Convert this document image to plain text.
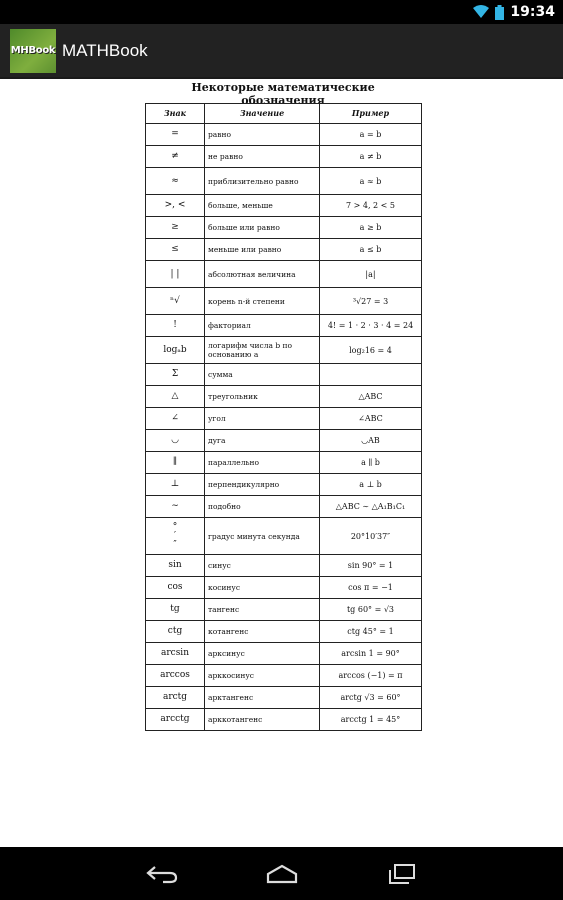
19:34
MHBook MATHBook
Некоторые математические обозначения
Знак	Значение	Пример
=	равно	a = b
≠	не равно	a ≠ b
≈	приблизительно равно	a ≈ b
>, <	больше, меньше	7 > 4, 2 < 5
≥	больше или равно	a ≥ b
≤	меньше или равно	a ≤ b
| |	абсолютная величина	|a|
ⁿ√	корень n-й степени	³√27 = 3
!	факториал	4! = 1 · 2 · 3 · 4 = 24
logₐb	логарифм числа b по основанию a	log₂16 = 4
Σ	сумма	
△	треугольник	△ABC
∠	угол	∠ABC
◡	дуга	◡AB
∥	параллельно	a ∥ b
⊥	перпендикулярно	a ⊥ b
∼	подобно	△ABC ∼ △A₁B₁C₁
°
′
″	градус минута секунда	20°10′37″
sin	синус	sin 90° = 1
cos	косинус	cos π = −1
tg	тангенс	tg 60° = √3
ctg	котангенс	ctg 45° = 1
arcsin	арксинус	arcsin 1 = 90°
arccos	арккосинус	arccos (−1) = π
arctg	арктангенс	arctg √3 = 60°
arcctg	арккотангенс	arcctg 1 = 45°
